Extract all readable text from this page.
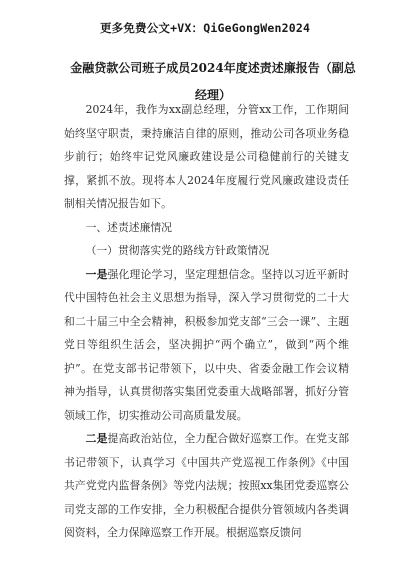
更多免费公文+VX：QiGeGongWen2024
金融贷款公司班子成员2024年度述责述廉报告（副总经理）

2024年，我作为xx副总经理，分管xx工作，工作期间始终坚守职责，秉持廉洁自律的原则，推动公司各项业务稳步前行；始终牢记党风廉政建设是公司稳健前行的关键支撑，紧抓不放。现将本人2024年度履行党风廉政建设责任制相关情况报告如下。

一、述责述廉情况

（一）贯彻落实党的路线方针政策情况

一是强化理论学习，坚定理想信念。坚持以习近平新时代中国特色社会主义思想为指导，深入学习贯彻党的二十大和二十届三中全会精神，积极参加党支部“三会一课”、主题党日等组织生活会，坚决拥护“两个确立”，做到“两个维护”。在党支部书记带领下，以中央、省委金融工作会议精神为指导，认真贯彻落实集团党委重大战略部署，抓好分管领域工作，切实推动公司高质量发展。

二是提高政治站位，全力配合做好巡察工作。在党支部书记带领下，认真学习《中国共产党巡视工作条例》《中国共产党党内监督条例》等党内法规；按照xx集团党委巡察公司党支部的工作安排，全力积极配合提供分管领域内各类调阅资料，全力保障巡察工作开展。根据巡察反馈问
